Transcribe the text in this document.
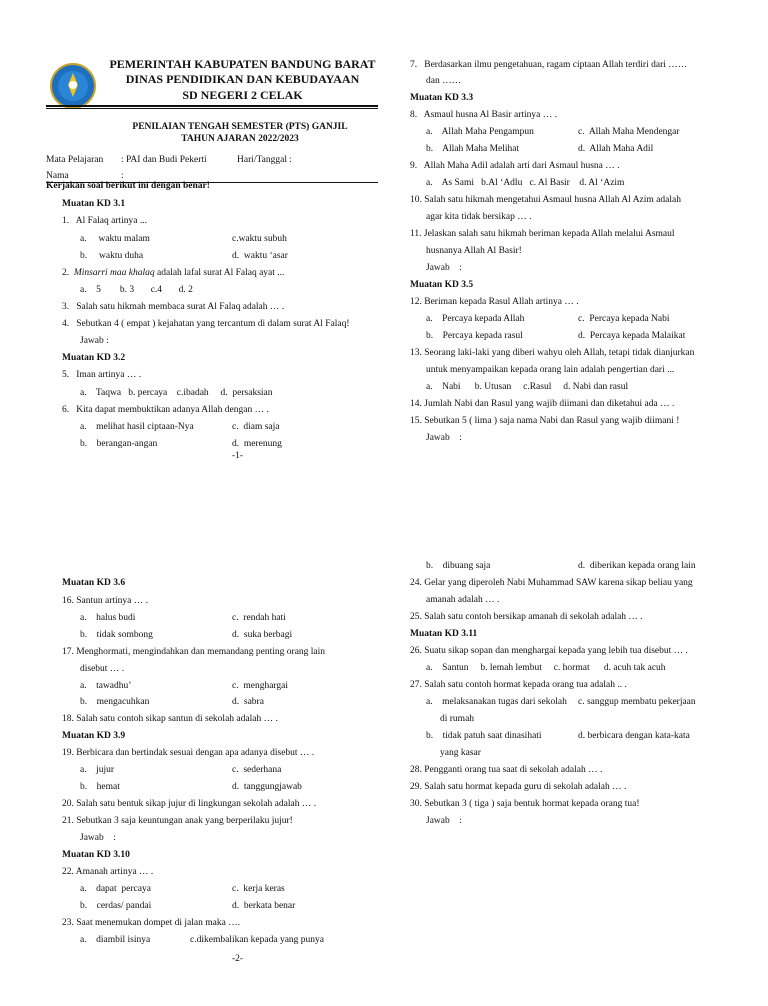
PEMERINTAH KABUPATEN BANDUNG BARAT
DINAS PENDIDIKAN DAN KEBUDAYAAN
SD NEGERI 2 CELAK
PENILAIAN TENGAH SEMESTER (PTS) GANJIL
TAHUN AJARAN 2022/2023
Mata Pelajaran : PAI dan Budi Pekerti	Hari/Tanggal :
Nama	:
Kerjakan soal berikut ini dengan benar!
Muatan KD 3.1
1.   Al Falaq artinya ...
a.     waktu malam	c.waktu subuh
b.     waktu duha	d.  waktu ‘asar
2.  Minsarri maa khalaq adalah lafal surat Al Falaq ayat ...
a.    5        b. 3       c.4       d. 2
3.   Salah satu hikmah membaca surat Al Falaq adalah … .
4.   Sebutkan 4 ( empat ) kejahatan yang tercantum di dalam surat Al Falaq!
Jawab :
Muatan KD 3.2
5.   Iman artinya … .
a.    Taqwa   b. percaya    c.ibadah     d.  persaksian
6.   Kita dapat membuktikan adanya Allah dengan … .
a.    melihat hasil ciptaan-Nya	c.  diam saja
b.    berangan-angan	d.  merenung
-1-
7.   Berdasarkan ilmu pengetahuan, ragam ciptaan Allah terdiri dari ……
dan ……
Muatan KD 3.3
8.   Asmaul husna Al Basir artinya … .
a.    Allah Maha Pengampun	c.  Allah Maha Mendengar
b.    Allah Maha Melihat	d.  Allah Maha Adil
9.   Allah Maha Adil adalah arti dari Asmaul husna … .
a.    As Sami   b.Al ‘Adlu   c. Al Basir    d. Al ‘Azim
10. Salah satu hikmah mengetahui Asmaul husna Allah Al Azim adalah
agar kita tidak bersikap … .
11. Jelaskan salah satu hikmah beriman kepada Allah melalui Asmaul
husnanya Allah Al Basir!
Jawab    :
Muatan KD 3.5
12. Beriman kepada Rasul Allah artinya … .
a.    Percaya kepada Allah	c.  Percaya kepada Nabi
b.    Percaya kepada rasul	d.  Percaya kepada Malaikat
13. Seorang laki-laki yang diberi wahyu oleh Allah, tetapi tidak dianjurkan
untuk menyampaikan kepada orang lain adalah pengertian dari ...
a.    Nabi      b. Utusan     c.Rasul     d. Nabi dan rasul
14. Jumlah Nabi dan Rasul yang wajib diimani dan diketahui ada … .
15. Sebutkan 5 ( lima ) saja nama Nabi dan Rasul yang wajib diimani !
Jawab    :
Muatan KD 3.6
16. Santun artinya … .
a.    halus budi	c.  rendah hati
b.    tidak sombong	d.  suka berbagi
17. Menghormati, mengindahkan dan memandang penting orang lain
disebut … .
a.    tawadhu’	c.  menghargai
b.    mengacuhkan	d.  sabra
18. Salah satu contoh sikap santun di sekolah adalah … .
Muatan KD 3.9
19. Berbicara dan bertindak sesuai dengan apa adanya disebut … .
a.    jujur	c.  sederhana
b.    hemat	d.  tanggungjawab
20. Salah satu bentuk sikap jujur di lingkungan sekolah adalah … .
21. Sebutkan 3 saja keuntungan anak yang berperilaku jujur!
Jawab    :
Muatan KD 3.10
22. Amanah artinya … .
a.    dapat  percaya	c.  kerja keras
b.    cerdas/ pandai	d.  berkata benar
23. Saat menemukan dompet di jalan maka ….
a.    diambil isinya	c.dikembalikan kepada yang punya
-2-
b.    dibuang saja	d.  diberikan kepada orang lain
24. Gelar yang diperoleh Nabi Muhammad SAW karena sikap beliau yang
amanah adalah … .
25. Salah satu contoh bersikap amanah di sekolah adalah … .
Muatan KD 3.11
26. Suatu sikap sopan dan menghargai kepada yang lebih tua disebut … .
a.    Santun     b. lemah lembut     c. hormat      d. acuh tak acuh
27. Salah satu contoh hormat kepada orang tua adalah .. .
a.    melaksanakan tugas dari sekolah c. sanggup membatu pekerjaan
di rumah
b.    tidak patuh saat dinasihati	d. berbicara dengan kata-kata
yang kasar
28. Pengganti orang tua saat di sekolah adalah … .
29. Salah satu hormat kepada guru di sekolah adalah … .
30. Sebutkan 3 ( tiga ) saja bentuk hormat kepada orang tua!
Jawab    :
